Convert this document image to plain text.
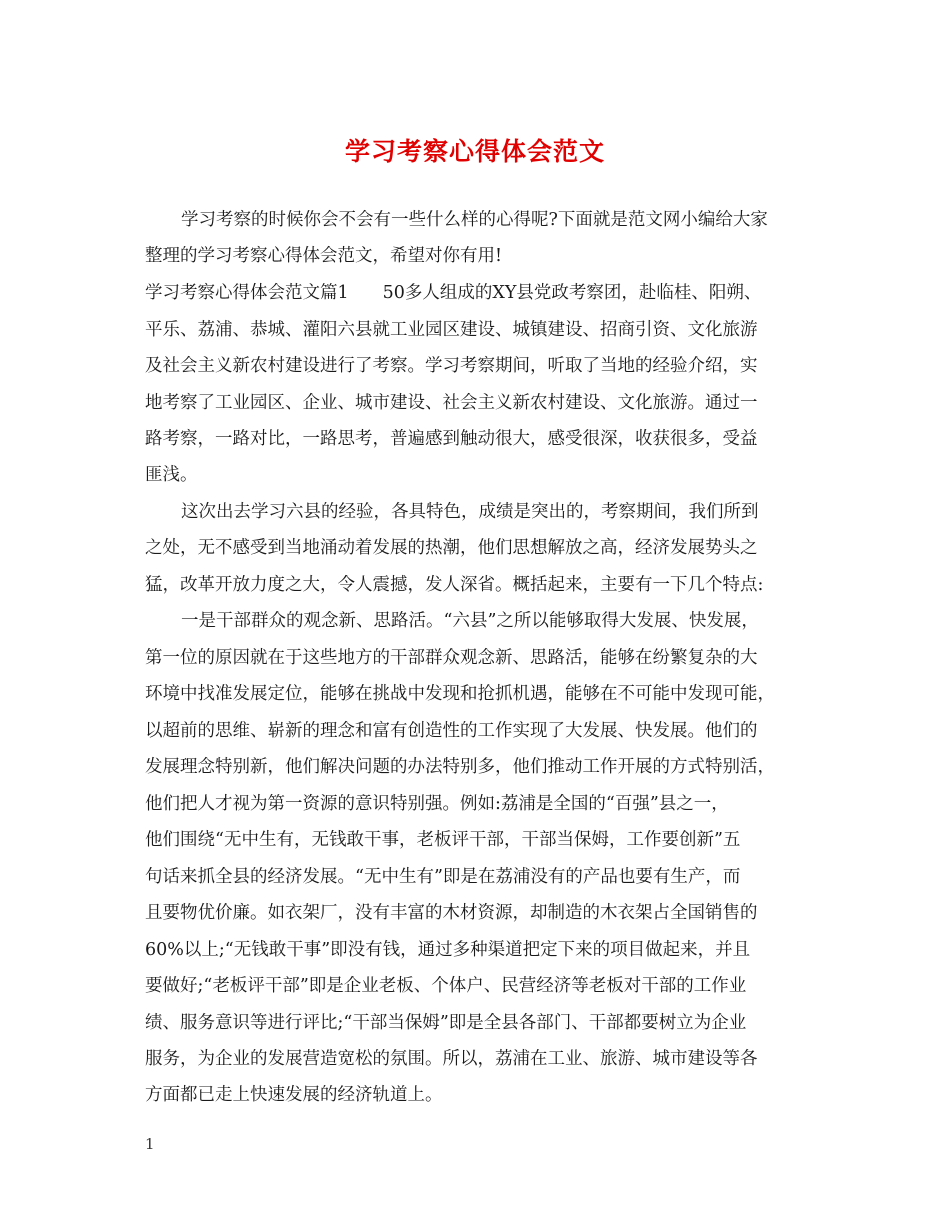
学习考察心得体会范文
学习考察的时候你会不会有一些什么样的心得呢?下面就是范文网小编给大家
整理的学习考察心得体会范文，希望对你有用!
学习考察心得体会范文篇1 50多人组成的XY县党政考察团，赴临桂、阳朔、
平乐、荔浦、恭城、灌阳六县就工业园区建设、城镇建设、招商引资、文化旅游
及社会主义新农村建设进行了考察。学习考察期间，听取了当地的经验介绍，实
地考察了工业园区、企业、城市建设、社会主义新农村建设、文化旅游。通过一
路考察，一路对比，一路思考，普遍感到触动很大，感受很深，收获很多，受益
匪浅。
这次出去学习六县的经验，各具特色，成绩是突出的，考察期间，我们所到
之处，无不感受到当地涌动着发展的热潮，他们思想解放之高，经济发展势头之
猛，改革开放力度之大，令人震撼，发人深省。概括起来，主要有一下几个特点:
一是干部群众的观念新、思路活。“六县”之所以能够取得大发展、快发展，
第一位的原因就在于这些地方的干部群众观念新、思路活，能够在纷繁复杂的大
环境中找准发展定位，能够在挑战中发现和抢抓机遇，能够在不可能中发现可能，
以超前的思维、崭新的理念和富有创造性的工作实现了大发展、快发展。他们的
发展理念特别新，他们解决问题的办法特别多，他们推动工作开展的方式特别活，
他们把人才视为第一资源的意识特别强。例如:荔浦是全国的“百强”县之一，
他们围绕“无中生有，无钱敢干事，老板评干部，干部当保姆，工作要创新”五
句话来抓全县的经济发展。“无中生有”即是在荔浦没有的产品也要有生产，而
且要物优价廉。如衣架厂，没有丰富的木材资源，却制造的木衣架占全国销售的
60%以上;“无钱敢干事”即没有钱，通过多种渠道把定下来的项目做起来，并且
要做好;“老板评干部”即是企业老板、个体户、民营经济等老板对干部的工作业
绩、服务意识等进行评比;“干部当保姆”即是全县各部门、干部都要树立为企业
服务，为企业的发展营造宽松的氛围。所以，荔浦在工业、旅游、城市建设等各
方面都已走上快速发展的经济轨道上。
1
